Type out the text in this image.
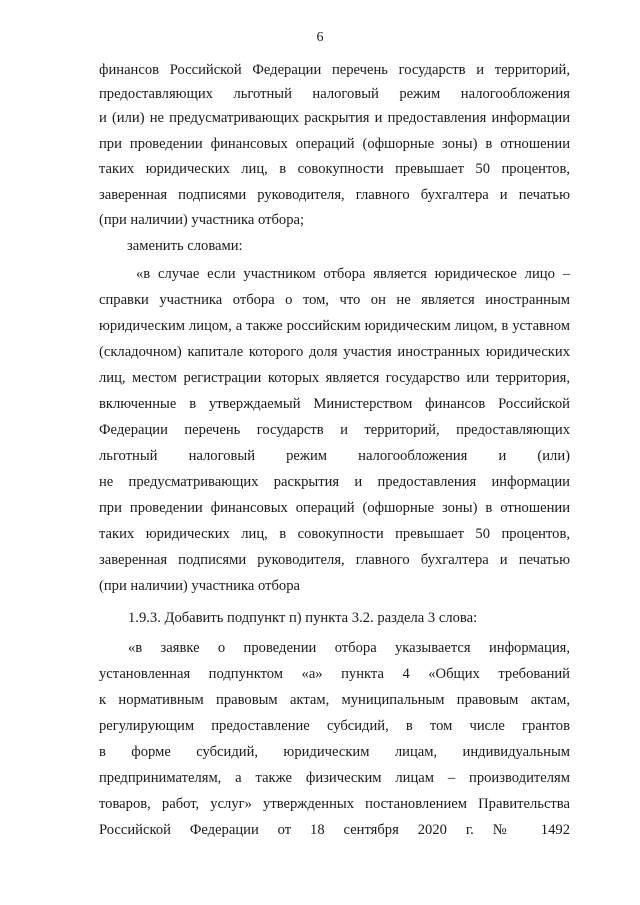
6
финансов Российской Федерации перечень государств и территорий,
предоставляющих льготный налоговый режим налогообложения
и (или) не предусматривающих раскрытия и предоставления информации
при проведении финансовых операций (офшорные зоны) в отношении
таких юридических лиц, в совокупности превышает 50 процентов,
заверенная подписями руководителя, главного бухгалтера и печатью
(при наличии) участника отбора;
заменить словами:
«в случае если участником отбора является юридическое лицо –
справки участника отбора о том, что он не является иностранным
юридическим лицом, а также российским юридическим лицом, в уставном
(складочном) капитале которого доля участия иностранных юридических
лиц, местом регистрации которых является государство или территория,
включенные в утверждаемый Министерством финансов Российской
Федерации перечень государств и территорий, предоставляющих
льготный налоговый режим налогообложения и (или)
не предусматривающих раскрытия и предоставления информации
при проведении финансовых операций (офшорные зоны) в отношении
таких юридических лиц, в совокупности превышает 50 процентов,
заверенная подписями руководителя, главного бухгалтера и печатью
(при наличии) участника отбора
1.9.3. Добавить подпункт п) пункта 3.2. раздела 3 слова:
«в заявке о проведении отбора указывается информация,
установленная подпунктом «а» пункта 4 «Общих требований
к нормативным правовым актам, муниципальным правовым актам,
регулирующим предоставление субсидий, в том числе грантов
в форме субсидий, юридическим лицам, индивидуальным
предпринимателям, а также физическим лицам – производителям
товаров, работ, услуг» утвержденных постановлением Правительства
Российской Федерации от 18 сентября 2020 г. № 1492
